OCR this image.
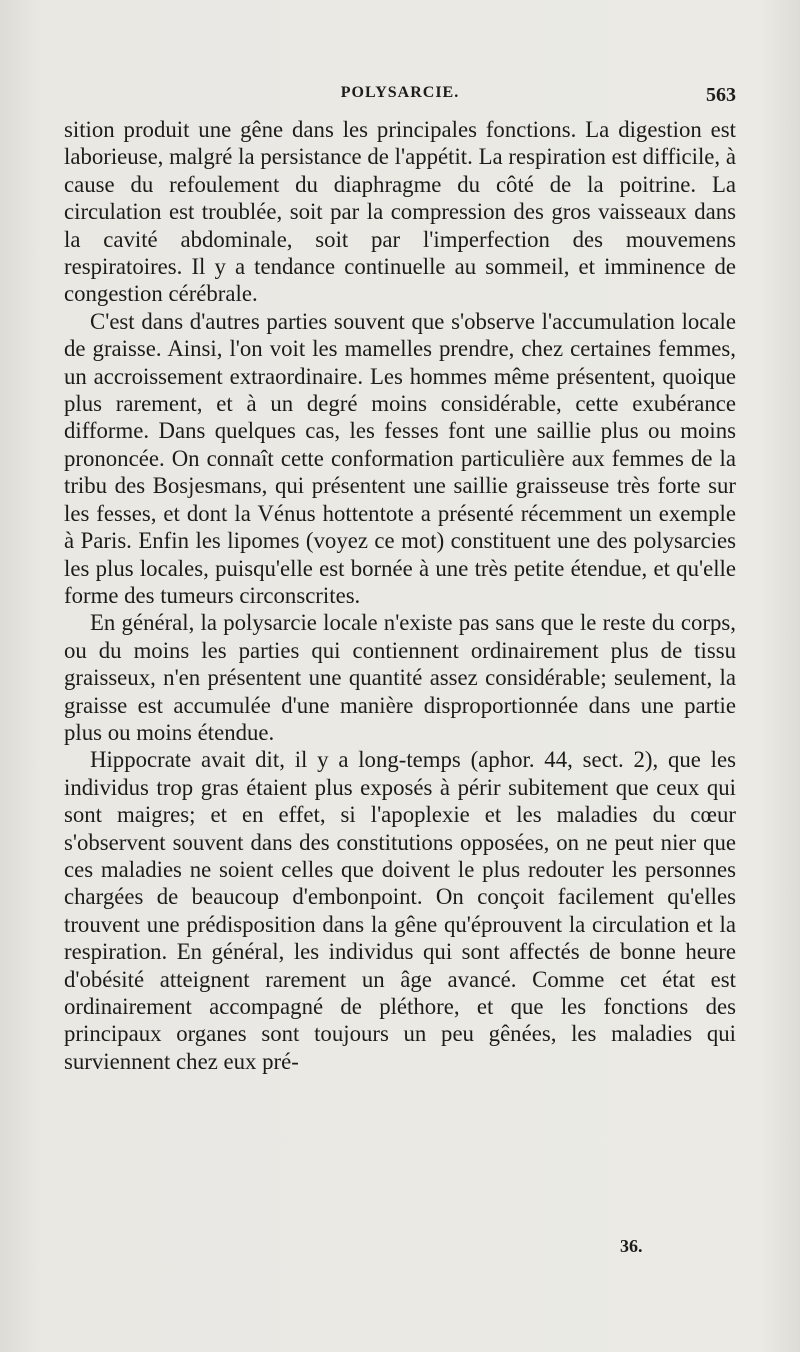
POLYSARCIE.	563

sition produit une gêne dans les principales fonctions. La digestion est laborieuse, malgré la persistance de l'appétit. La respiration est difficile, à cause du refoulement du diaphragme du côté de la poitrine. La circulation est troublée, soit par la compression des gros vaisseaux dans la cavité abdominale, soit par l'imperfection des mouvemens respiratoires. Il y a tendance continuelle au sommeil, et imminence de congestion cérébrale.

C'est dans d'autres parties souvent que s'observe l'accumulation locale de graisse. Ainsi, l'on voit les mamelles prendre, chez certaines femmes, un accroissement extraordinaire. Les hommes même présentent, quoique plus rarement, et à un degré moins considérable, cette exubérance difforme. Dans quelques cas, les fesses font une saillie plus ou moins prononcée. On connaît cette conformation particulière aux femmes de la tribu des Bosjesmans, qui présentent une saillie graisseuse très forte sur les fesses, et dont la Vénus hottentote a présenté récemment un exemple à Paris. Enfin les lipomes (voyez ce mot) constituent une des polysarcies les plus locales, puisqu'elle est bornée à une très petite étendue, et qu'elle forme des tumeurs circonscrites.

En général, la polysarcie locale n'existe pas sans que le reste du corps, ou du moins les parties qui contiennent ordinairement plus de tissu graisseux, n'en présentent une quantité assez considérable; seulement, la graisse est accumulée d'une manière disproportionnée dans une partie plus ou moins étendue.

Hippocrate avait dit, il y a long-temps (aphor. 44, sect. 2), que les individus trop gras étaient plus exposés à périr subitement que ceux qui sont maigres; et en effet, si l'apoplexie et les maladies du cœur s'observent souvent dans des constitutions opposées, on ne peut nier que ces maladies ne soient celles que doivent le plus redouter les personnes chargées de beaucoup d'embonpoint. On conçoit facilement qu'elles trouvent une prédisposition dans la gêne qu'éprouvent la circulation et la respiration. En général, les individus qui sont affectés de bonne heure d'obésité atteignent rarement un âge avancé. Comme cet état est ordinairement accompagné de pléthore, et que les fonctions des principaux organes sont toujours un peu gênées, les maladies qui surviennent chez eux pré-

36.
